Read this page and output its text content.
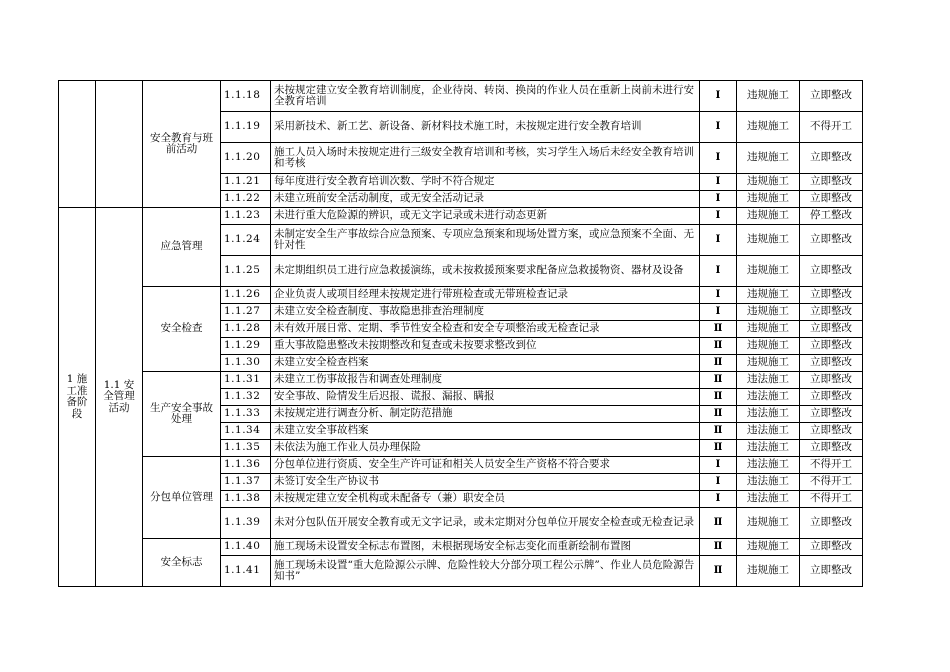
		安全教育与班前活动	1.1.18	未按规定建立安全教育培训制度，企业待岗、转岗、换岗的作业人员在重新上岗前未进行安全教育培训	Ⅰ	违规施工	立即整改
			1.1.19	采用新技术、新工艺、新设备、新材料技术施工时，未按规定进行安全教育培训	Ⅰ	违规施工	不得开工
			1.1.20	施工人员入场时未按规定进行三级安全教育培训和考核，实习学生入场后未经安全教育培训和考核	Ⅰ	违规施工	立即整改
			1.1.21	每年度进行安全教育培训次数、学时不符合规定	Ⅰ	违规施工	立即整改
			1.1.22	未建立班前安全活动制度，或无安全活动记录	Ⅰ	违规施工	立即整改
1 施工准备阶段	1.1 安全管理活动	应急管理	1.1.23	未进行重大危险源的辨识，或无文字记录或未进行动态更新	Ⅰ	违规施工	停工整改
			1.1.24	未制定安全生产事故综合应急预案、专项应急预案和现场处置方案，或应急预案不全面、无针对性	Ⅰ	违规施工	立即整改
			1.1.25	未定期组织员工进行应急救援演练，或未按救援预案要求配备应急救援物资、器材及设备	Ⅰ	违规施工	立即整改
		安全检查	1.1.26	企业负责人或项目经理未按规定进行带班检查或无带班检查记录	Ⅰ	违规施工	立即整改
			1.1.27	未建立安全检查制度、事故隐患排查治理制度	Ⅰ	违规施工	立即整改
			1.1.28	未有效开展日常、定期、季节性安全检查和安全专项整治或无检查记录	Ⅱ	违规施工	立即整改
			1.1.29	重大事故隐患整改未按期整改和复查或未按要求整改到位	Ⅱ	违规施工	立即整改
			1.1.30	未建立安全检查档案	Ⅱ	违规施工	立即整改
		生产安全事故处理	1.1.31	未建立工伤事故报告和调查处理制度	Ⅱ	违法施工	立即整改
			1.1.32	安全事故、险情发生后迟报、谎报、漏报、瞒报	Ⅱ	违法施工	立即整改
			1.1.33	未按规定进行调查分析、制定防范措施	Ⅱ	违法施工	立即整改
			1.1.34	未建立安全事故档案	Ⅱ	违法施工	立即整改
			1.1.35	未依法为施工作业人员办理保险	Ⅱ	违法施工	立即整改
		分包单位管理	1.1.36	分包单位进行资质、安全生产许可证和相关人员安全生产资格不符合要求	Ⅰ	违法施工	不得开工
			1.1.37	未签订安全生产协议书	Ⅰ	违法施工	不得开工
			1.1.38	未按规定建立安全机构或未配备专（兼）职安全员	Ⅰ	违法施工	不得开工
			1.1.39	未对分包队伍开展安全教育或无文字记录，或未定期对分包单位开展安全检查或无检查记录	Ⅱ	违规施工	立即整改
		安全标志	1.1.40	施工现场未设置安全标志布置图，未根据现场安全标志变化而重新绘制布置图	Ⅱ	违规施工	立即整改
			1.1.41	施工现场未设置“重大危险源公示牌、危险性较大分部分项工程公示牌”、作业人员危险源告知书”	Ⅱ	违规施工	立即整改
